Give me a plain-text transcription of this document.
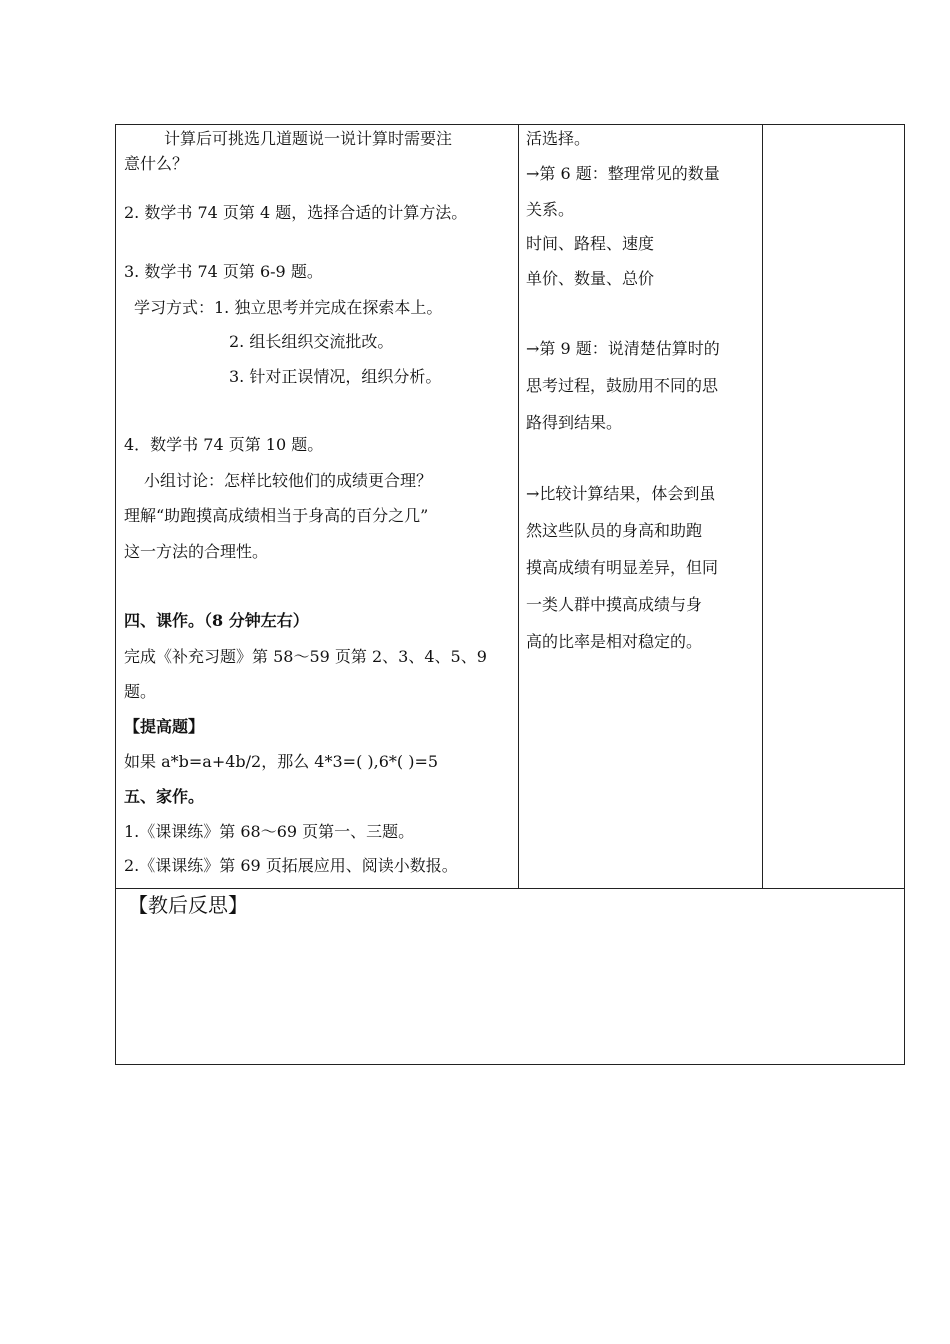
计算后可挑选几道题说一说计算时需要注
意什么？
2. 数学书 74 页第 4 题，选择合适的计算方法。
3. 数学书 74 页第 6-9 题。
学习方式：1. 独立思考并完成在探索本上。
2. 组长组织交流批改。
3. 针对正误情况，组织分析。
4．数学书 74 页第 10 题。
小组讨论：怎样比较他们的成绩更合理？
理解“助跑摸高成绩相当于身高的百分之几”
这一方法的合理性。
四、课作。（8 分钟左右）
完成《补充习题》第 58～59 页第 2、3、4、5、9
题。
【提高题】
如果 a*b=a+4b/2，那么 4*3=( ),6*( )=5
五、家作。
1.《课课练》第 68～69 页第一、三题。
2.《课课练》第 69 页拓展应用、阅读小数报。
活选择。
→第 6 题：整理常见的数量
关系。
时间、路程、速度
单价、数量、总价
→第 9 题：说清楚估算时的
思考过程，鼓励用不同的思
路得到结果。
→比较计算结果，体会到虽
然这些队员的身高和助跑
摸高成绩有明显差异，但同
一类人群中摸高成绩与身
高的比率是相对稳定的。
【教后反思】
